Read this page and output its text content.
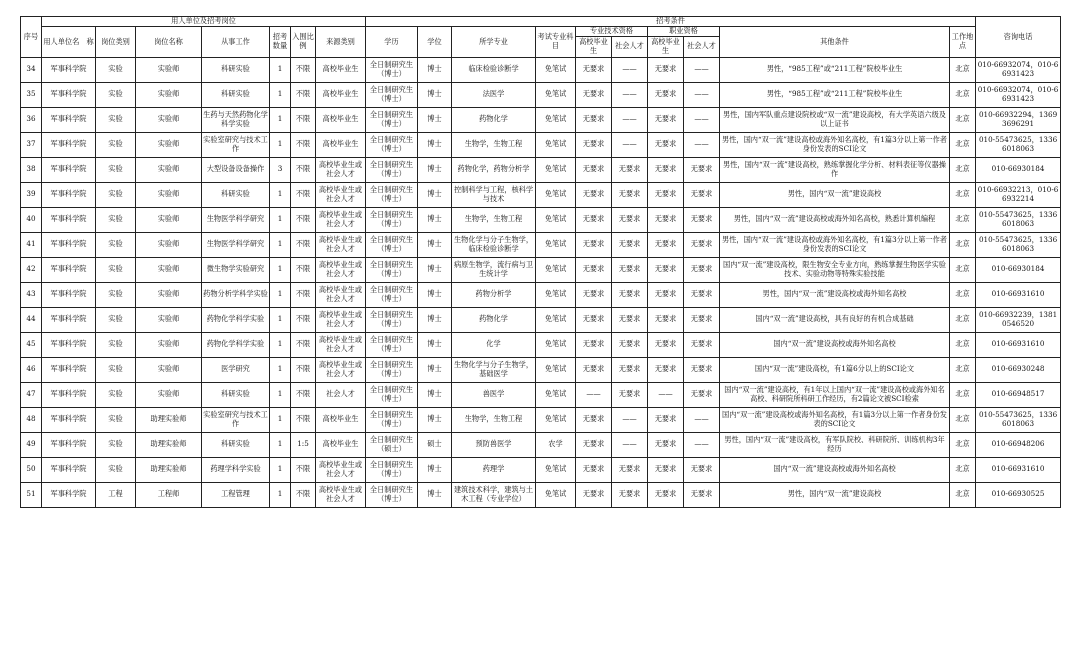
序号	用人单位及招考岗位							招考条件										咨询电话
	用人单位名　称	岗位类别	岗位名称	从事工作	招考数量	入围比例	来源类别	学历	学位	所学专业	考试专业科　目	专业技术资格		职业资格		其他条件	工作地点	
												高校毕业生	社会人才	高校毕业生	社会人才			
34	军事科学院	实验	实验师	科研实验	1	不限	高校毕业生	全日制研究生（博士）	博士	临床检验诊断学	免笔试	无要求	——	无要求	——	男性，“985工程”或“211工程”院校毕业生	北京	010-66932074，010-66931423
35	军事科学院	实验	实验师	科研实验	1	不限	高校毕业生	全日制研究生（博士）	博士	法医学	免笔试	无要求	——	无要求	——	男性，“985工程”或“211工程”院校毕业生	北京	010-66932074，010-66931423
36	军事科学院	实验	实验师	生药与天然药物化学科学实验	1	不限	高校毕业生	全日制研究生（博士）	博士	药物化学	免笔试	无要求	——	无要求	——	男性，国内军队重点建设院校或“双一流”建设高校，有大学英语六级及以上证书	北京	010-66932294，13693696291
37	军事科学院	实验	实验师	实验室研究与技术工作	1	不限	高校毕业生	全日制研究生（博士）	博士	生物学，生物工程	免笔试	无要求	——	无要求	——	男性，国内“双一流”建设高校或海外知名高校，有1篇3分以上第一作者身份发表的SCI论文	北京	010-55473625，13366018063
38	军事科学院	实验	实验师	大型设备设备操作	3	不限	高校毕业生或社会人才	全日制研究生（博士）	博士	药物化学，药物分析学	免笔试	无要求	无要求	无要求	无要求	男性，国内“双一流”建设高校，熟练掌握化学分析、材料表征等仪器操作	北京	010-66930184
39	军事科学院	实验	实验师	科研实验	1	不限	高校毕业生或社会人才	全日制研究生（博士）	博士	控制科学与工程，核科学与技术	免笔试	无要求	无要求	无要求	无要求	男性，国内“双一流”建设高校	北京	010-66932213，010-66932214
40	军事科学院	实验	实验师	生物医学科学研究	1	不限	高校毕业生或社会人才	全日制研究生（博士）	博士	生物学，生物工程	免笔试	无要求	无要求	无要求	无要求	男性，国内“双一流”建设高校或海外知名高校，熟悉计算机编程	北京	010-55473625，13366018063
41	军事科学院	实验	实验师	生物医学科学研究	1	不限	高校毕业生或社会人才	全日制研究生（博士）	博士	生物化学与分子生物学，临床检验诊断学	免笔试	无要求	无要求	无要求	无要求	男性，国内“双一流”建设高校或海外知名高校，有1篇3分以上第一作者身份发表的SCI论文	北京	010-55473625，13366018063
42	军事科学院	实验	实验师	微生物学实验研究	1	不限	高校毕业生或社会人才	全日制研究生（博士）	博士	病原生物学，流行病与卫生统计学	免笔试	无要求	无要求	无要求	无要求	国内“双一流”建设高校，限生物安全专业方向，熟练掌握生物医学实验技术、实验动物等特殊实验技能	北京	010-66930184
43	军事科学院	实验	实验师	药物分析学科学实验	1	不限	高校毕业生或社会人才	全日制研究生（博士）	博士	药物分析学	免笔试	无要求	无要求	无要求	无要求	男性，国内“双一流”建设高校或海外知名高校	北京	010-66931610
44	军事科学院	实验	实验师	药物化学科学实验	1	不限	高校毕业生或社会人才	全日制研究生（博士）	博士	药物化学	免笔试	无要求	无要求	无要求	无要求	国内“双一流”建设高校，具有良好的有机合成基础	北京	010-66932239，13810546520
45	军事科学院	实验	实验师	药物化学科学实验	1	不限	高校毕业生或社会人才	全日制研究生（博士）	博士	化学	免笔试	无要求	无要求	无要求	无要求	国内“双一流”建设高校或海外知名高校	北京	010-66931610
46	军事科学院	实验	实验师	医学研究	1	不限	高校毕业生或社会人才	全日制研究生（博士）	博士	生物化学与分子生物学，基础医学	免笔试	无要求	无要求	无要求	无要求	国内“双一流”建设高校，有1篇6分以上的SCI论文	北京	010-66930248
47	军事科学院	实验	实验师	科研实验	1	不限	社会人才	全日制研究生（博士）	博士	兽医学	免笔试	——	无要求	——	无要求	国内“双一流”建设高校，有1年以上国内“双一流”建设高校或海外知名高校、科研院所科研工作经历，有2篇论文被SCI检索	北京	010-66948517
48	军事科学院	实验	助理实验师	实验室研究与技术工作	1	不限	高校毕业生	全日制研究生（博士）	博士	生物学，生物工程	免笔试	无要求	——	无要求	——	国内“双一流”建设高校或海外知名高校，有1篇3分以上第一作者身份发表的SCI论文	北京	010-55473625，13366018063
49	军事科学院	实验	助理实验师	科研实验	1	1:5	高校毕业生	全日制研究生（硕士）	硕士	预防兽医学	农学	无要求	——	无要求	——	男性，国内“双一流”建设高校，有军队院校、科研院所、训练机构3年经历	北京	010-66948206
50	军事科学院	实验	助理实验师	药理学科学实验	1	不限	高校毕业生或社会人才	全日制研究生（博士）	博士	药理学	免笔试	无要求	无要求	无要求	无要求	国内“双一流”建设高校或海外知名高校	北京	010-66931610
51	军事科学院	工程	工程师	工程管理	1	不限	高校毕业生或社会人才	全日制研究生（博士）	博士	建筑技术科学，建筑与土木工程（专业学位）	免笔试	无要求	无要求	无要求	无要求	男性，国内“双一流”建设高校	北京	010-66930525
